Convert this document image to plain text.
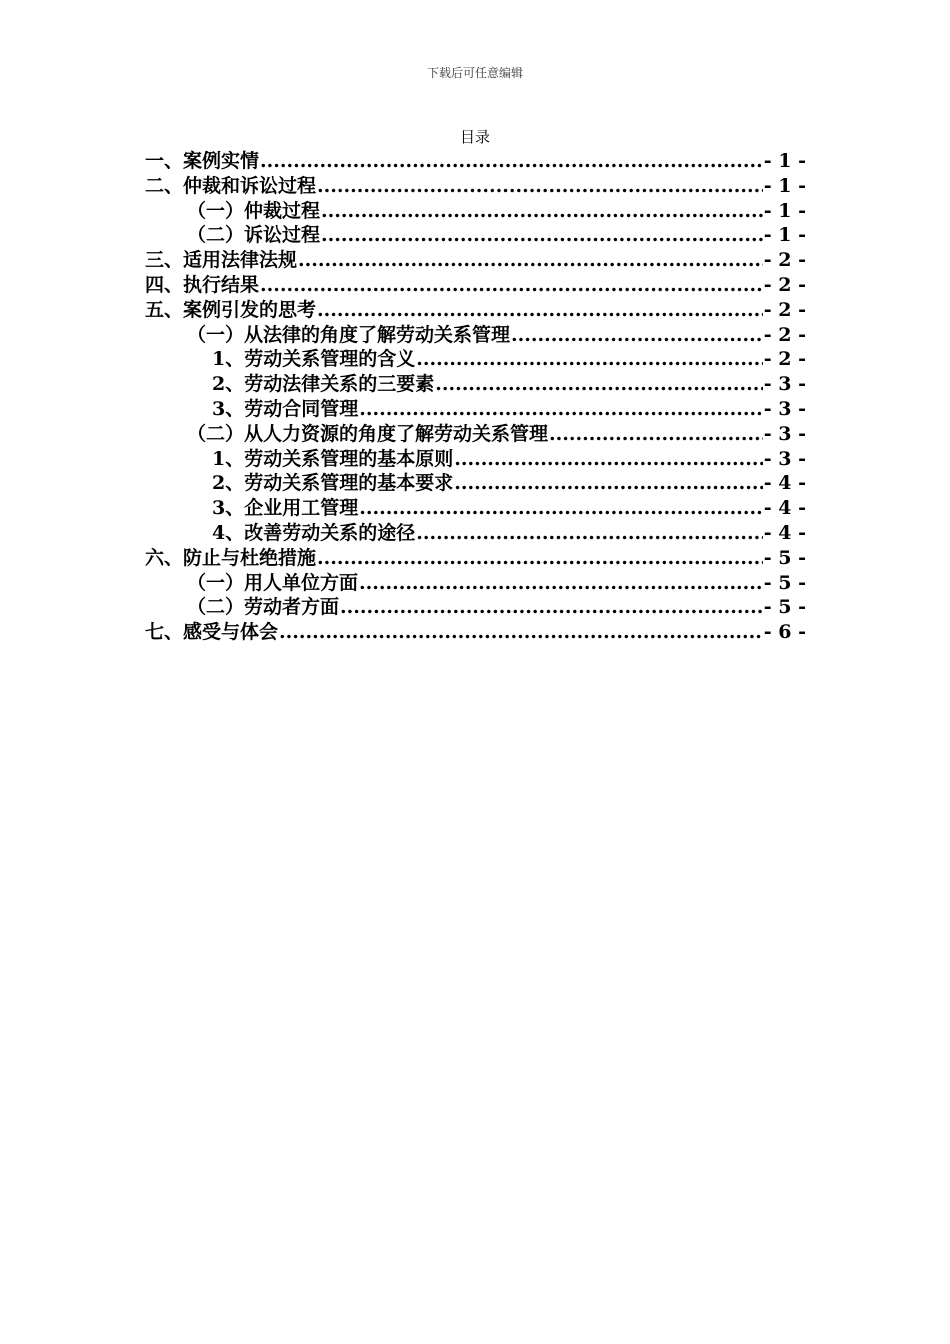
下载后可任意编辑
目录
一、案例实情 .....	- 1 -
二、仲裁和诉讼过程 .....	- 1 -
（一）仲裁过程 .....	- 1 -
（二）诉讼过程 .....	- 1 -
三、适用法律法规 .....	- 2 -
四、执行结果 .....	- 2 -
五、案例引发的思考 .....	- 2 -
（一）从法律的角度了解劳动关系管理 .....	- 2 -
1、劳动关系管理的含义 .....	- 2 -
2、劳动法律关系的三要素 .....	- 3 -
3、劳动合同管理 .....	- 3 -
（二）从人力资源的角度了解劳动关系管理 .....	- 3 -
1、劳动关系管理的基本原则 .....	- 3 -
2、劳动关系管理的基本要求 .....	- 4 -
3、企业用工管理 .....	- 4 -
4、改善劳动关系的途径 .....	- 4 -
六、防止与杜绝措施 .....	- 5 -
（一）用人单位方面 .....	- 5 -
（二）劳动者方面 .....	- 5 -
七、感受与体会 .....	- 6 -
